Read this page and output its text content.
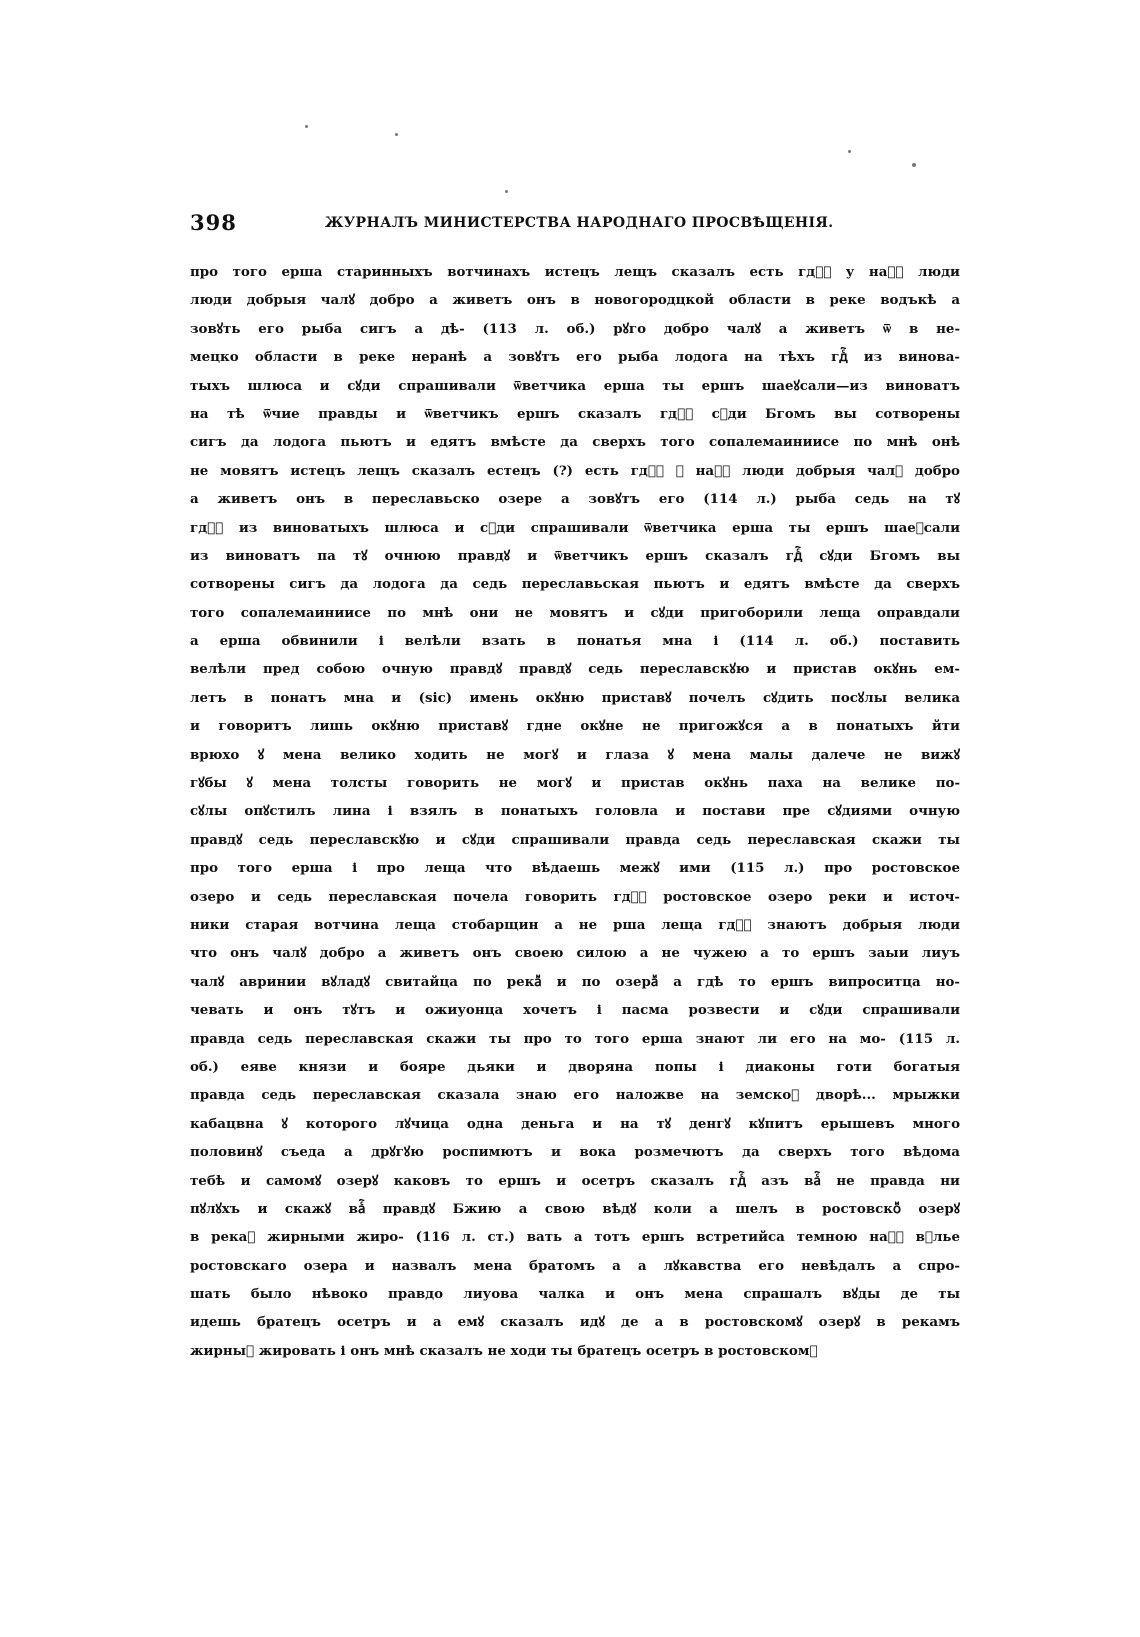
398	ЖУРНАЛЪ МИНИСТЕРСТВА НАРОДНАГО ПРОСВѢЩЕНІЯ.
про того ерша старинныхъ вотчинахъ истецъ лещъ сказалъ есть гдⷭ҇ у наⷭ҇ люди
люди добрыя чалꙋ добро а живетъ онъ в новогородцкой области в реке водъкѣ а
зовꙋть его рыба сигъ а дѣ- (113 л. об.) рꙋго добро чалꙋ а живетъ ѿ в не-
мецко области в реке неранѣ а зовꙋтъ его рыба лодога на тѣхъ гдⷭ҇ из винова-
тыхъ шлюса и сꙋди спрашивали ѿветчика ерша ты ершъ шаеꙋсали—из виноватъ
на тѣ ѿчие правды и ѿветчикъ ершъ сказалъ гдⷭ҇ сꙋди Бгомъ вы сотворены
сигъ да лодога пьютъ и едятъ вмѣсте да сверхъ того сопалемаиниисе по мнѣ онѣ
не мовятъ истецъ лещъ сказалъ естецъ (?) есть гдⷭ҇ ꙋ наⷭ҇ люди добрыя чалꙋ добро
а живетъ онъ в переславьско озере а зовꙋтъ его (114 л.) рыба седь на тꙋ
гдⷭ҇ из виноватыхъ шлюса и сꙋди спрашивали ѿветчика ерша ты ершъ шаеꙋсали
из виноватъ па тꙋ очнюю правдꙋ и ѿветчикъ ершъ сказалъ гдⷭ҇ сꙋди Бгомъ вы
сотворены сигъ да лодога да седь переславьская пьютъ и едятъ вмѣсте да сверхъ
того сопалемаиниисе по мнѣ они не мовятъ и сꙋди пригоборили леща оправдали
а ерша обвинили і велѣли взать в понатья мна і (114 л. об.) поставить
велѣли пред собою очную правдꙋ правдꙋ седь переславскꙋю и пристав окꙋнь ем-
летъ в понатъ мна и (sic) имень окꙋню приставꙋ почелъ сꙋдить посꙋлы велика
и говоритъ лишь окꙋню приставꙋ гдне окꙋне не пригожꙋся а в понатыхъ йти
врюхо ꙋ мена велико ходить не могꙋ и глаза ꙋ мена малы далече не вижꙋ
гꙋбы ꙋ мена толсты говорить не могꙋ и пристав окꙋнь паха на велике по-
сꙋлы опꙋстилъ лина і взялъ в понатыхъ головла и постави пре сꙋдиями очную
правдꙋ седь переславскꙋю и сꙋди спрашивали правда седь переславская скажи ты
про того ерша і про леща что вѣдаешь межꙋ ими (115 л.) про ростовское
озеро и седь переславская почела говорить гдⷭ҇ ростовское озеро реки и источ-
ники старая вотчина леща стобарщин а не рша леща гдⷭ҇ знаютъ добрыя люди
что онъ чалꙋ добро а живетъ онъ своею силою а не чужею а то ершъ заыи лиуъ
чалꙋ авринии вꙋладꙋ свитайца по рекаⷨ и по озераⷨ а гдѣ то ершъ випроситца но-
чевать и онъ тꙋтъ и ожиуонца хочетъ і пасма розвести и сꙋди спрашивали
правда седь переславская скажи ты про то того ерша знают ли его на мо- (115 л.
об.) еяве князи и бояре дьяки и дворяна попы і диаконы готи богатыя
правда седь переславская сказала знаю его наложве на земскоⷨ дворѣ... мрыжки
кабацвна ꙋ которого лꙋчица одна деньга и на тꙋ денгꙋ кꙋпитъ ерышевъ много
половинꙋ съеда а дрꙋгꙋю роспимютъ и вока розмечютъ да сверхъ того вѣдома
тебѣ и самомꙋ озерꙋ каковъ то ершъ и осетръ сказалъ гдⷭ҇ азъ ваⷭ҇ не правда ни
пꙋлꙋхъ и скажꙋ ваⷭ҇ правдꙋ Бжию а свою вѣдꙋ коли а шелъ в ростовскоⷨ озерꙋ
в рекаⷨ жирными жиро- (116 л. ст.) вать а тотъ ершъ встретийса темною наⷭ҇ вꙋлье
ростовскаго озера и назвалъ мена братомъ а а лꙋкавства его невѣдалъ а спро-
шать было нѣвоко правдо лиуова чалка и онъ мена спрашалъ вꙋды де ты
идешь братецъ осетръ и а емꙋ сказалъ идꙋ де а в ростовскомꙋ озерꙋ в рекамъ
жирныⷨ жировать і онъ мнѣ сказалъ не ходи ты братецъ осетръ в ростовскомꙋ
